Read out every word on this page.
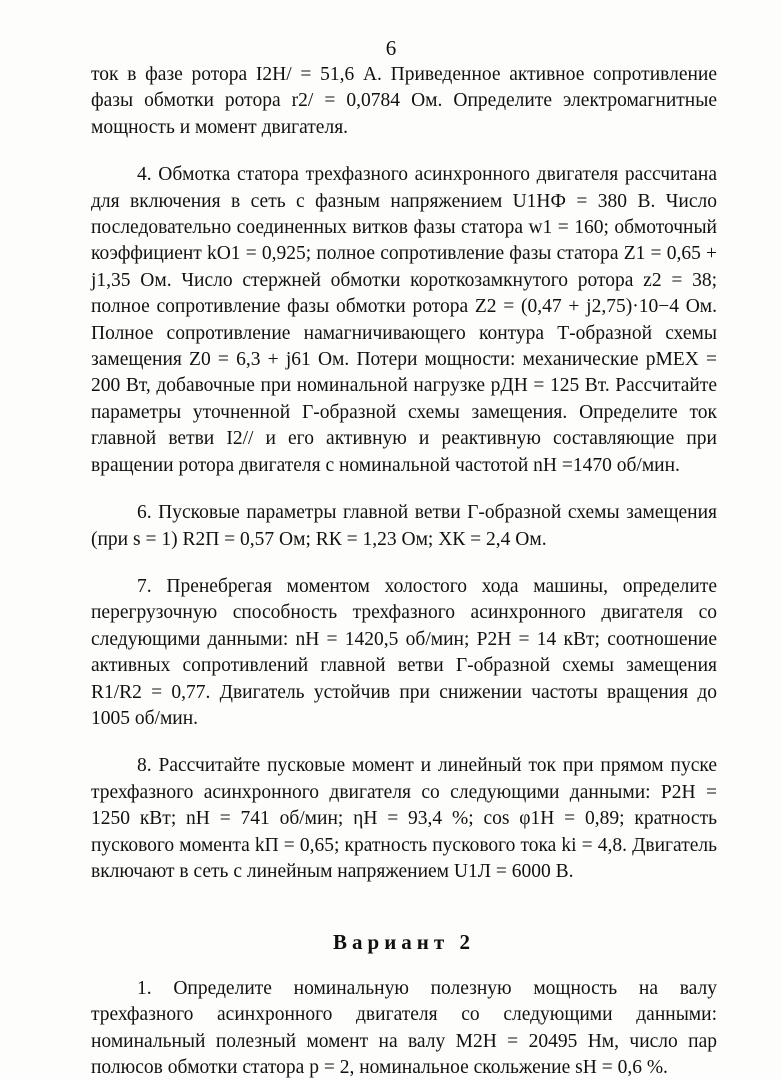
6

ток в фазе ротора I2Н/ = 51,6 А. Приведенное активное сопротивление фазы обмотки ротора r2/ = 0,0784 Ом. Определите электромагнитные мощность и момент двигателя.

4. Обмотка статора трехфазного асинхронного двигателя рассчитана для включения в сеть с фазным напряжением U1НФ = 380 В. Число последовательно соединенных витков фазы статора w1 = 160; обмоточный коэффициент kО1 = 0,925; полное сопротивление фазы статора Z1 = 0,65 + j1,35 Ом. Число стержней обмотки короткозамкнутого ротора z2 = 38; полное сопротивление фазы обмотки ротора Z2 = (0,47 + j2,75)·10−4 Ом. Полное сопротивление намагничивающего контура Т-образной схемы замещения Z0 = 6,3 + j61 Ом. Потери мощности: механические pМЕХ = 200 Вт, добавочные при номинальной нагрузке pДН = 125 Вт. Рассчитайте параметры уточненной Г-образной схемы замещения. Определите ток главной ветви I2// и его активную и реактивную составляющие при вращении ротора двигателя с номинальной частотой nН =1470 об/мин.

6. Пусковые параметры главной ветви Г-образной схемы замещения (при s = 1) R2П = 0,57 Ом; RК = 1,23 Ом; XК = 2,4 Ом.

7. Пренебрегая моментом холостого хода машины, определите перегрузочную способность трехфазного асинхронного двигателя со следующими данными: nН = 1420,5 об/мин; P2Н = 14 кВт; соотношение активных сопротивлений главной ветви Г-образной схемы замещения R1/R2 = 0,77. Двигатель устойчив при снижении частоты вращения до 1005 об/мин.

8. Рассчитайте пусковые момент и линейный ток при прямом пуске трехфазного асинхронного двигателя со следующими данными: P2Н = 1250 кВт; nН = 741 об/мин; ηН = 93,4 %; cos φ1Н = 0,89; кратность пускового момента kП = 0,65; кратность пускового тока ki = 4,8. Двигатель включают в сеть с линейным напряжением U1Л = 6000 В.

Вариант 2

1. Определите номинальную полезную мощность на валу трехфазного асинхронного двигателя со следующими данными: номинальный полезный момент на валу M2Н = 20495 Нм, число пар полюсов обмотки статора p = 2, номинальное скольжение sН = 0,6 %.
